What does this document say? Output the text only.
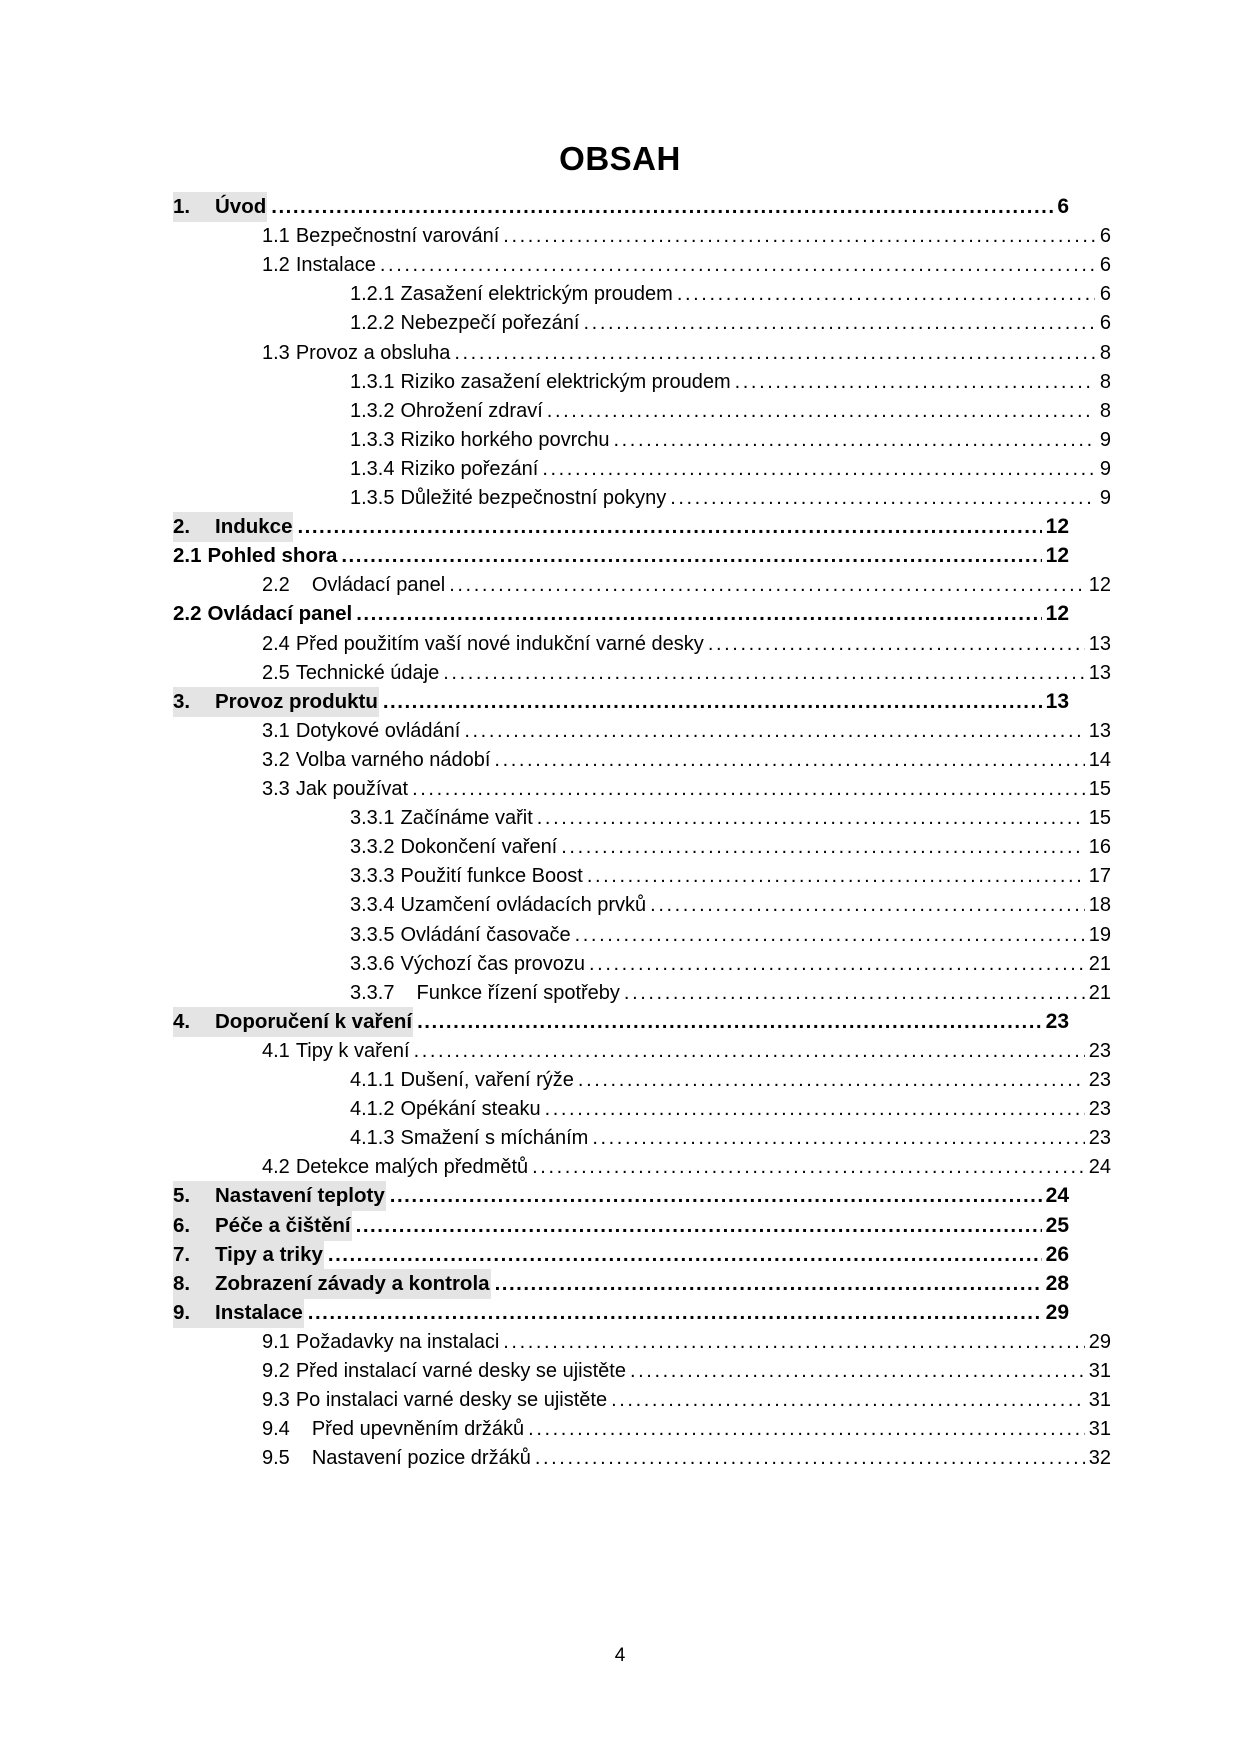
OBSAH
1. Úvod .....	6
1.1 Bezpečnostní varování .....	6
1.2 Instalace .....	6
1.2.1 Zasažení elektrickým proudem .....	6
1.2.2 Nebezpečí pořezání .....	6
1.3 Provoz a obsluha .....	8
1.3.1 Riziko zasažení elektrickým proudem .....	8
1.3.2 Ohrožení zdraví .....	8
1.3.3 Riziko horkého povrchu .....	9
1.3.4 Riziko pořezání .....	9
1.3.5 Důležité bezpečnostní pokyny .....	9
2. Indukce .....	12
2.1 Pohled shora .....	12
2.2 Ovládací panel .....	12
2.2 Ovládací panel .....	12
2.4 Před použitím vaší nové indukční varné desky .....	13
2.5 Technické údaje .....	13
3. Provoz produktu .....	13
3.1 Dotykové ovládání .....	13
3.2 Volba varného nádobí .....	14
3.3 Jak používat .....	15
3.3.1 Začínáme vařit .....	15
3.3.2 Dokončení vaření .....	16
3.3.3 Použití funkce Boost .....	17
3.3.4 Uzamčení ovládacích prvků .....	18
3.3.5 Ovládání časovače .....	19
3.3.6 Výchozí čas provozu .....	21
3.3.7 Funkce řízení spotřeby .....	21
4. Doporučení k vaření .....	23
4.1 Tipy k vaření .....	23
4.1.1 Dušení, vaření rýže .....	23
4.1.2 Opékání steaku .....	23
4.1.3 Smažení s mícháním .....	23
4.2 Detekce malých předmětů .....	24
5. Nastavení teploty .....	24
6. Péče a čištění .....	25
7. Tipy a triky .....	26
8. Zobrazení závady a kontrola .....	28
9. Instalace .....	29
9.1 Požadavky na instalaci .....	29
9.2 Před instalací varné desky se ujistěte .....	31
9.3 Po instalaci varné desky se ujistěte .....	31
9.4 Před upevněním držáků .....	31
9.5 Nastavení pozice držáků .....	32
4
